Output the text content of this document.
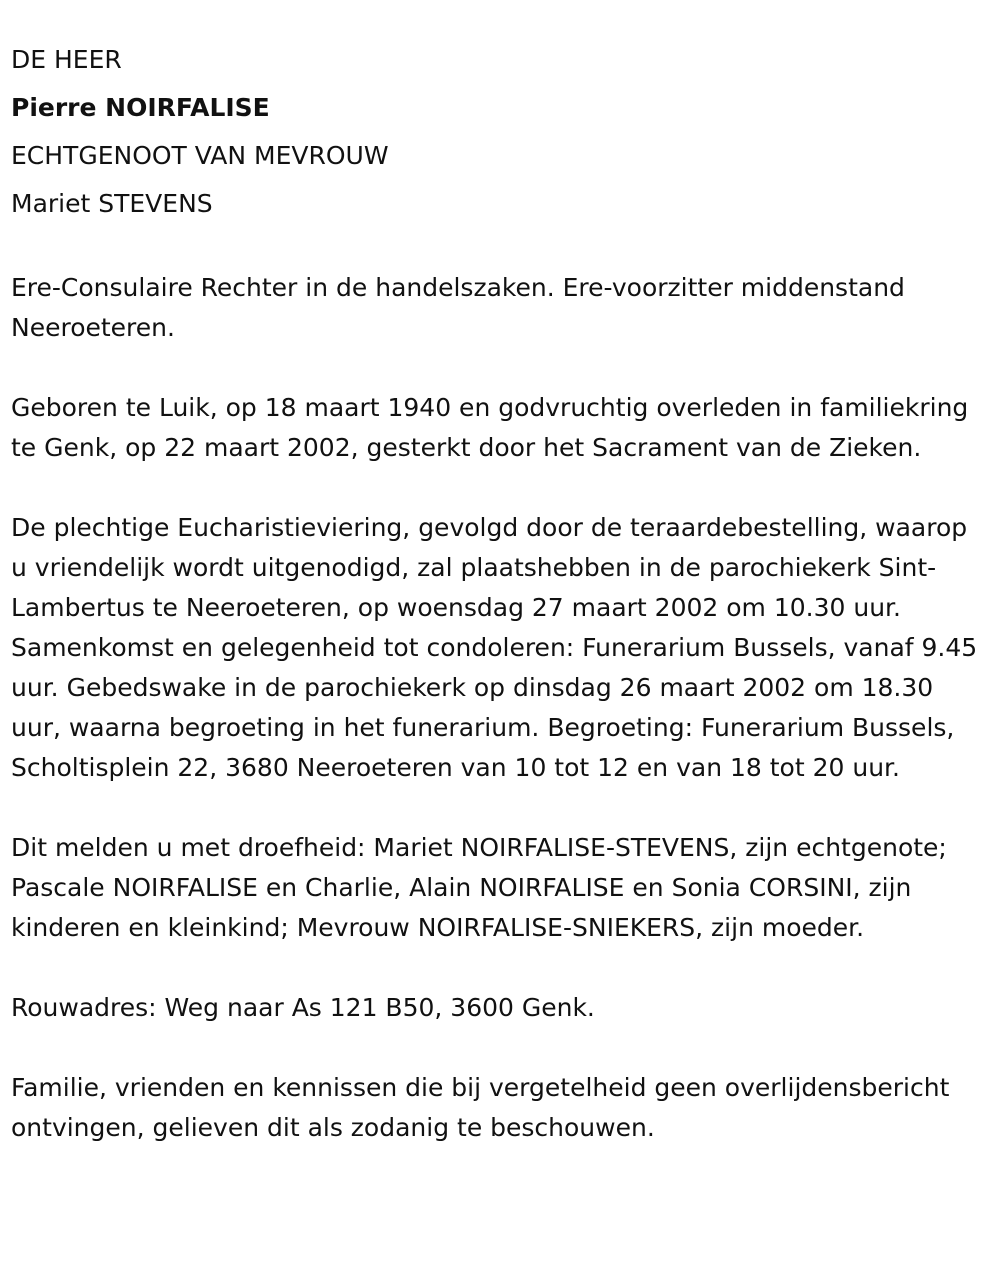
DE HEER
Pierre NOIRFALISE
ECHTGENOOT VAN MEVROUW
Mariet STEVENS

Ere-Consulaire Rechter in de handelszaken. Ere-voorzitter middenstand Neeroeteren.

Geboren te Luik, op 18 maart 1940 en godvruchtig overleden in familiekring te Genk, op 22 maart 2002, gesterkt door het Sacrament van de Zieken.

De plechtige Eucharistieviering, gevolgd door de teraardebestelling, waarop u vriendelijk wordt uitgenodigd, zal plaatshebben in de parochiekerk Sint-Lambertus te Neeroeteren, op woensdag 27 maart 2002 om 10.30 uur. Samenkomst en gelegenheid tot condoleren: Funerarium Bussels, vanaf 9.45 uur. Gebedswake in de parochiekerk op dinsdag 26 maart 2002 om 18.30 uur, waarna begroeting in het funerarium. Begroeting: Funerarium Bussels, Scholtisplein 22, 3680 Neeroeteren van 10 tot 12 en van 18 tot 20 uur.

Dit melden u met droefheid: Mariet NOIRFALISE-STEVENS, zijn echtgenote; Pascale NOIRFALISE en Charlie, Alain NOIRFALISE en Sonia CORSINI, zijn kinderen en kleinkind; Mevrouw NOIRFALISE-SNIEKERS, zijn moeder.

Rouwadres: Weg naar As 121 B50, 3600 Genk.

Familie, vrienden en kennissen die bij vergetelheid geen overlijdensbericht ontvingen, gelieven dit als zodanig te beschouwen.
